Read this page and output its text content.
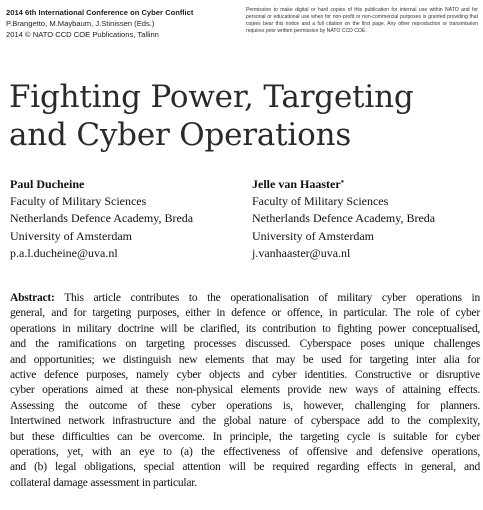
2014 6th International Conference on Cyber Conflict
P.Brangetto, M.Maybaum, J.Stinissen (Eds.)
2014 © NATO CCD COE Publications, Tallinn
Permission to make digital or hard copies of this publication for internal use within NATO and for personal or educational use when for non-profit or non-commercial purposes is granted providing that copies bear this notice and a full citation on the first page. Any other reproduction or transmission requires prior written permission by NATO CCD COE.
Fighting Power, Targeting
and Cyber Operations
Paul Ducheine
Faculty of Military Sciences
Netherlands Defence Academy, Breda
University of Amsterdam
p.a.l.ducheine@uva.nl
Jelle van Haaster*
Faculty of Military Sciences
Netherlands Defence Academy, Breda
University of Amsterdam
j.vanhaaster@uva.nl
Abstract: This article contributes to the operationalisation of military cyber operations in
general, and for targeting purposes, either in defence or offence, in particular. The role of cyber
operations in military doctrine will be clarified, its contribution to fighting power conceptualised,
and the ramifications on targeting processes discussed. Cyberspace poses unique challenges
and opportunities; we distinguish new elements that may be used for targeting inter alia for
active defence purposes, namely cyber objects and cyber identities. Constructive or disruptive
cyber operations aimed at these non-physical elements provide new ways of attaining effects.
Assessing the outcome of these cyber operations is, however, challenging for planners.
Intertwined network infrastructure and the global nature of cyberspace add to the complexity,
but these difficulties can be overcome. In principle, the targeting cycle is suitable for cyber
operations, yet, with an eye to (a) the effectiveness of offensive and defensive operations,
and (b) legal obligations, special attention will be required regarding effects in general, and
collateral damage assessment in particular.
